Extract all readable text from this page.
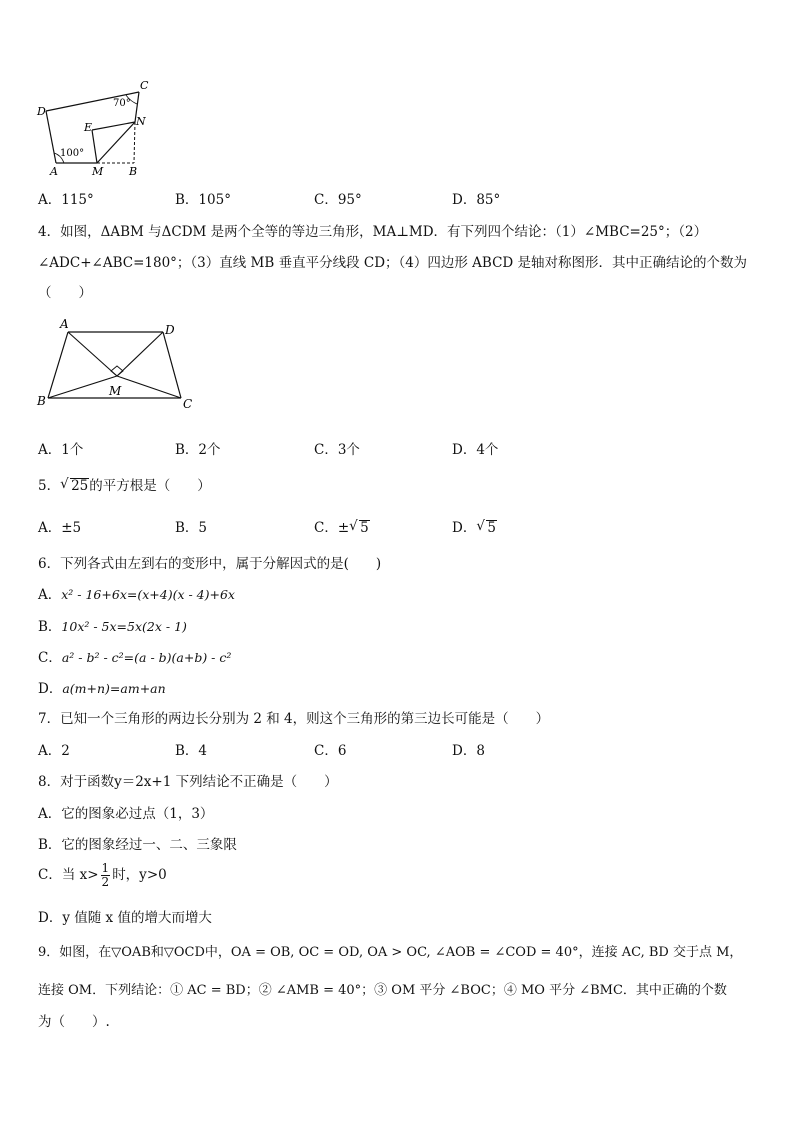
C
70°
D
E	N
100°
A	M B
A．115°	B．105°	C．95°	D．85°
4．如图，ΔABM 与ΔCDM 是两个全等的等边三角形，MA⊥MD．有下列四个结论：（1）∠MBC=25°；（2）
∠ADC+∠ABC=180°；（3）直线 MB 垂直平分线段 CD；（4）四边形 ABCD 是轴对称图形．其中正确结论的个数为
（　　）
A	D
M
B	C
A．1个	B．2个	C．3个	D．4个
5． √ 25的平方根是（　　）
A．±5	B．5	C．± √ 5	D． √ 5
6．下列各式由左到右的变形中，属于分解因式的是(　　)
A．x² - 16+6x=(x+4)(x - 4)+6x
B．10x² - 5x=5x(2x - 1)
C．a² - b² - c²=(a - b)(a+b) - c²
D．a(m+n)=am+an
7．已知一个三角形的两边长分别为 2 和 4，则这个三角形的第三边长可能是（　　）
A．2	B．4	C．6	D．8
8．对于函数y＝2x+1 下列结论不正确是（　　）
A．它的图象必过点（1，3）
B．它的图象经过一、二、三象限
C．当 $x> \frac{1}{2}$ 时，y>0
D．y 值随 x 值的增大而增大
9．如图，在▽OAB和▽OCD中，OA = OB, OC = OD, OA > OC, ∠AOB = ∠COD = 40°，连接 AC, BD 交于点 M，
连接 OM．下列结论：① AC = BD；② ∠AMB = 40°；③ OM 平分 ∠BOC；④ MO 平分 ∠BMC．其中正确的个数
为（　　）.
